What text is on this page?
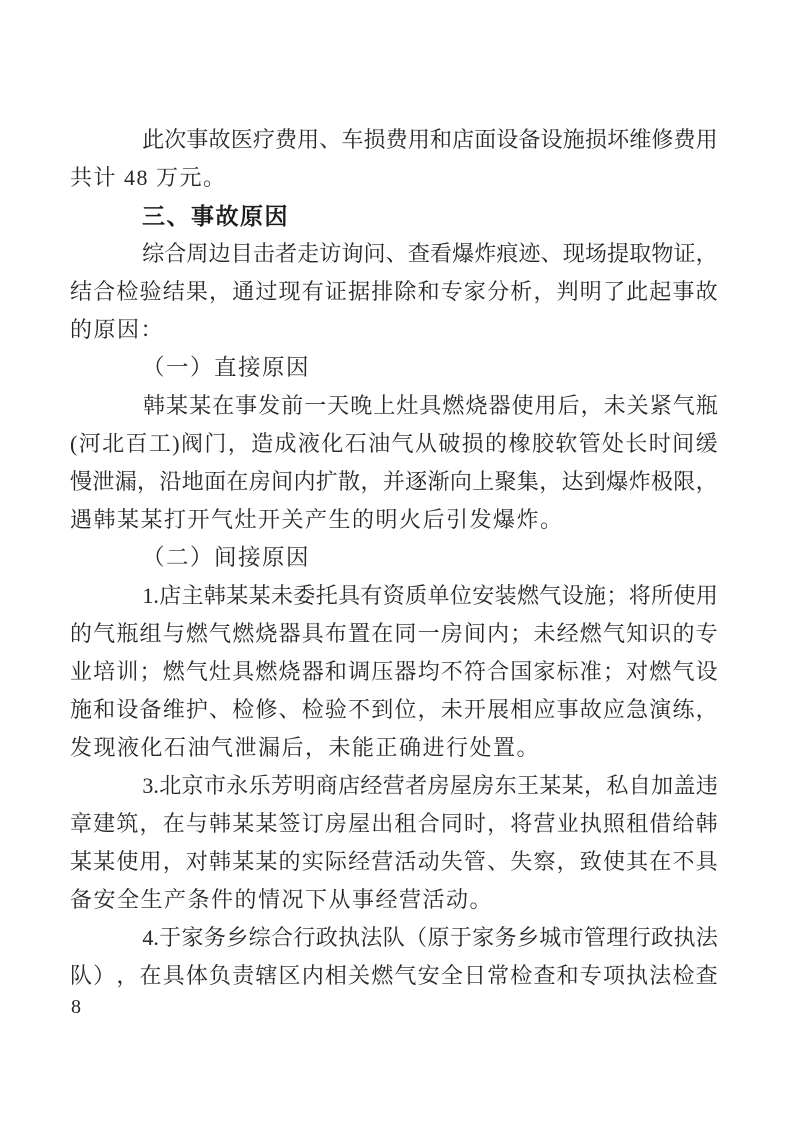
此 次 事 故 医 疗 费 用 、 车 损 费 用 和 店 面 设 备 设 施 损 坏 维 修 费 用
共计 48 万元。
三、事故原因
综 合 周 边 目 击 者 走 访 询 问 、 查 看 爆 炸 痕 迹 、 现 场 提 取 物 证 ，
结 合 检 验 结 果 ， 通 过 现 有 证 据 排 除 和 专 家 分 析 ， 判 明 了 此 起 事 故
的原因：
（一）直接原因
韩 某 某 在 事 发 前 一 天 晚 上 灶 具 燃 烧 器 使 用 后 ， 未 关 紧 气 瓶
( 河 北 百 工 ) 阀 门 ， 造 成 液 化 石 油 气 从 破 损 的 橡 胶 软 管 处 长 时 间 缓
慢 泄 漏 ， 沿 地 面 在 房 间 内 扩 散 ， 并 逐 渐 向 上 聚 集 ， 达 到 爆 炸 极 限 ，
遇韩某某打开气灶开关产生的明火后引发爆炸。
（二）间接原因
1. 店 主 韩 某 某 未 委 托 具 有 资 质 单 位 安 装 燃 气 设 施 ； 将 所 使 用
的 气 瓶 组 与 燃 气 燃 烧 器 具 布 置 在 同 一 房 间 内 ； 未 经 燃 气 知 识 的 专
业 培 训 ； 燃 气 灶 具 燃 烧 器 和 调 压 器 均 不 符 合 国 家 标 准 ； 对 燃 气 设
施 和 设 备 维 护 、 检 修 、 检 验 不 到 位 ， 未 开 展 相 应 事 故 应 急 演 练 ，
发现液化石油气泄漏后，未能正确进行处置。
3. 北 京 市 永 乐 芳 明 商 店 经 营 者 房 屋 房 东 王 某 某 ， 私 自 加 盖 违
章 建 筑 ， 在 与 韩 某 某 签 订 房 屋 出 租 合 同 时 ， 将 营 业 执 照 租 借 给 韩
某 某 使 用 ， 对 韩 某 某 的 实 际 经 营 活 动 失 管 、 失 察 ， 致 使 其 在 不 具
备安全生产条件的情况下从事经营活动。
4. 于 家 务 乡 综 合 行 政 执 法 队 （ 原 于 家 务 乡 城 市 管 理 行 政 执 法
队 ） ， 在 具 体 负 责 辖 区 内 相 关 燃 气 安 全 日 常 检 查 和 专 项 执 法 检 查
8
